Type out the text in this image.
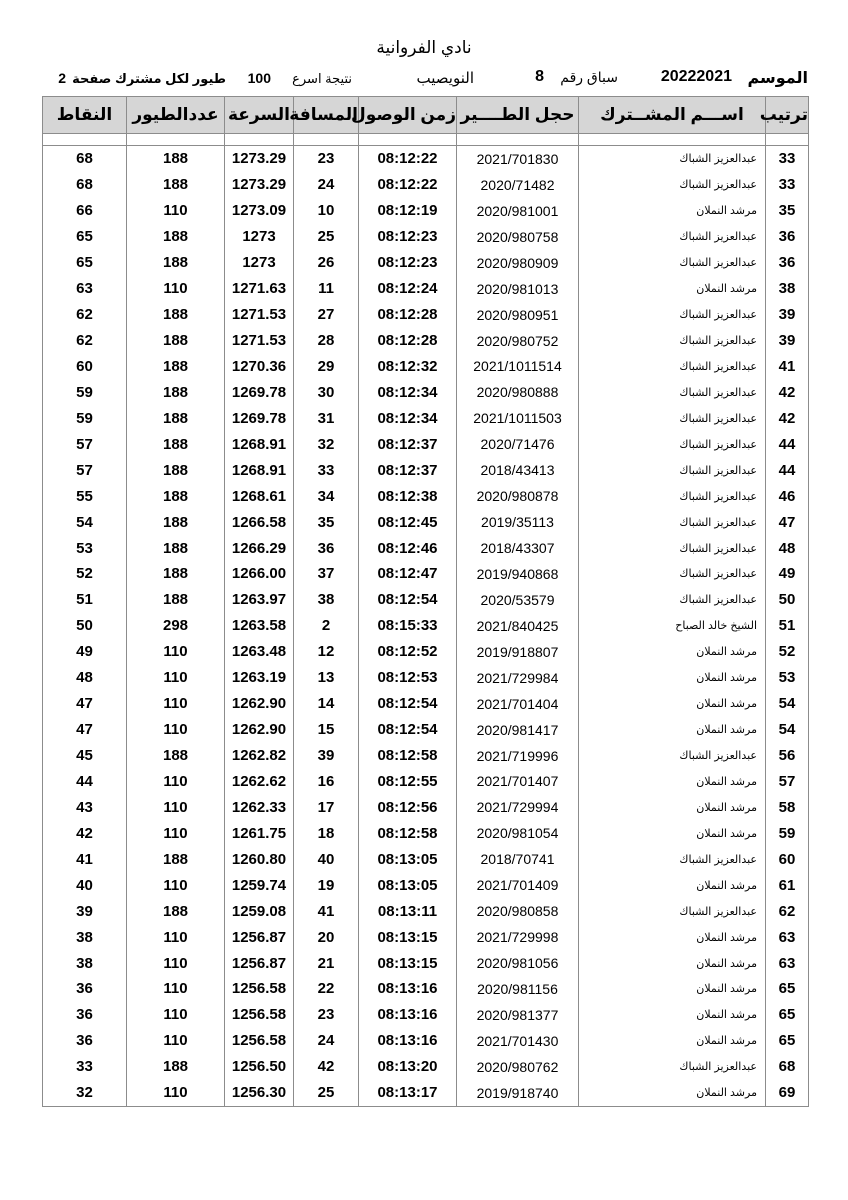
نادي الفروانية
الموسم
20222021
سباق رقم
8
النويصيب
نتيجة اسرع
100
طيور لكل مشترك صفحة
2
ترتيب	اســـم المشــترك	حجل الطــــير	زمن الوصول	المسافة	السرعة	عددالطيور	النقاط

33	عبدالعزيز الشباك	2021/701830	08:12:22	23	1273.29	188	68
33	عبدالعزيز الشباك	2020/71482	08:12:22	24	1273.29	188	68
35	مرشد النملان	2020/981001	08:12:19	10	1273.09	110	66
36	عبدالعزيز الشباك	2020/980758	08:12:23	25	1273	188	65
36	عبدالعزيز الشباك	2020/980909	08:12:23	26	1273	188	65
38	مرشد النملان	2020/981013	08:12:24	11	1271.63	110	63
39	عبدالعزيز الشباك	2020/980951	08:12:28	27	1271.53	188	62
39	عبدالعزيز الشباك	2020/980752	08:12:28	28	1271.53	188	62
41	عبدالعزيز الشباك	2021/1011514	08:12:32	29	1270.36	188	60
42	عبدالعزيز الشباك	2020/980888	08:12:34	30	1269.78	188	59
42	عبدالعزيز الشباك	2021/1011503	08:12:34	31	1269.78	188	59
44	عبدالعزيز الشباك	2020/71476	08:12:37	32	1268.91	188	57
44	عبدالعزيز الشباك	2018/43413	08:12:37	33	1268.91	188	57
46	عبدالعزيز الشباك	2020/980878	08:12:38	34	1268.61	188	55
47	عبدالعزيز الشباك	2019/35113	08:12:45	35	1266.58	188	54
48	عبدالعزيز الشباك	2018/43307	08:12:46	36	1266.29	188	53
49	عبدالعزيز الشباك	2019/940868	08:12:47	37	1266.00	188	52
50	عبدالعزيز الشباك	2020/53579	08:12:54	38	1263.97	188	51
51	الشيخ خالد الصباح	2021/840425	08:15:33	2	1263.58	298	50
52	مرشد النملان	2019/918807	08:12:52	12	1263.48	110	49
53	مرشد النملان	2021/729984	08:12:53	13	1263.19	110	48
54	مرشد النملان	2021/701404	08:12:54	14	1262.90	110	47
54	مرشد النملان	2020/981417	08:12:54	15	1262.90	110	47
56	عبدالعزيز الشباك	2021/719996	08:12:58	39	1262.82	188	45
57	مرشد النملان	2021/701407	08:12:55	16	1262.62	110	44
58	مرشد النملان	2021/729994	08:12:56	17	1262.33	110	43
59	مرشد النملان	2020/981054	08:12:58	18	1261.75	110	42
60	عبدالعزيز الشباك	2018/70741	08:13:05	40	1260.80	188	41
61	مرشد النملان	2021/701409	08:13:05	19	1259.74	110	40
62	عبدالعزيز الشباك	2020/980858	08:13:11	41	1259.08	188	39
63	مرشد النملان	2021/729998	08:13:15	20	1256.87	110	38
63	مرشد النملان	2020/981056	08:13:15	21	1256.87	110	38
65	مرشد النملان	2020/981156	08:13:16	22	1256.58	110	36
65	مرشد النملان	2020/981377	08:13:16	23	1256.58	110	36
65	مرشد النملان	2021/701430	08:13:16	24	1256.58	110	36
68	عبدالعزيز الشباك	2020/980762	08:13:20	42	1256.50	188	33
69	مرشد النملان	2019/918740	08:13:17	25	1256.30	110	32
